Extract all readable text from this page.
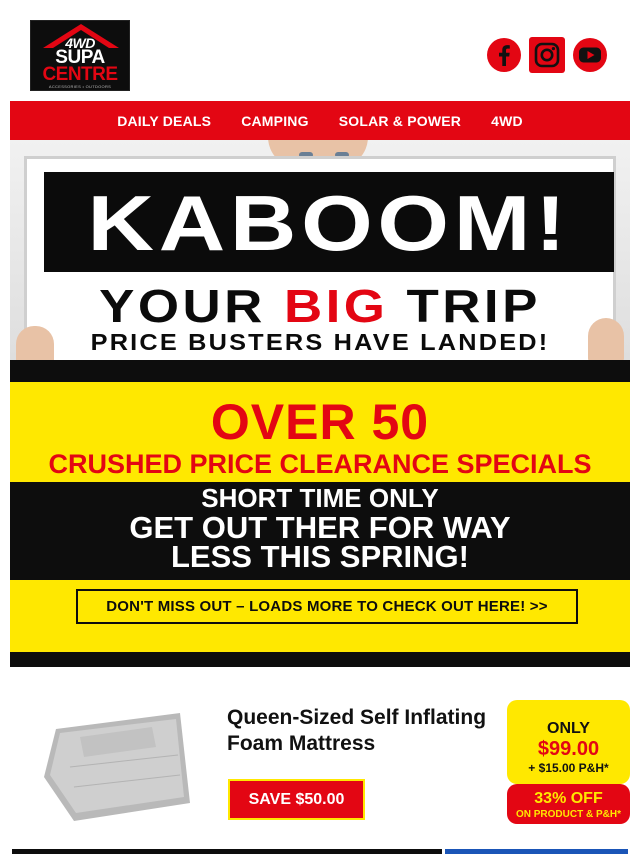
4WD
SUPA
CENTRE
ACCESSORIES • OUTDOORS
DAILY DEALS CAMPING SOLAR & POWER 4WD
KABOOM!
YOUR BIG TRIP
PRICE BUSTERS HAVE LANDED!
OVER 50
CRUSHED PRICE CLEARANCE SPECIALS
SHORT TIME ONLY
GET OUT THER FOR WAY
LESS THIS SPRING!
DON'T MISS OUT – LOADS MORE TO CHECK OUT HERE! >>
Queen-Sized Self Inflating Foam Mattress
SAVE $50.00
ONLY
$99.00
+ $15.00 P&H*
33% OFF
ON PRODUCT & P&H*
